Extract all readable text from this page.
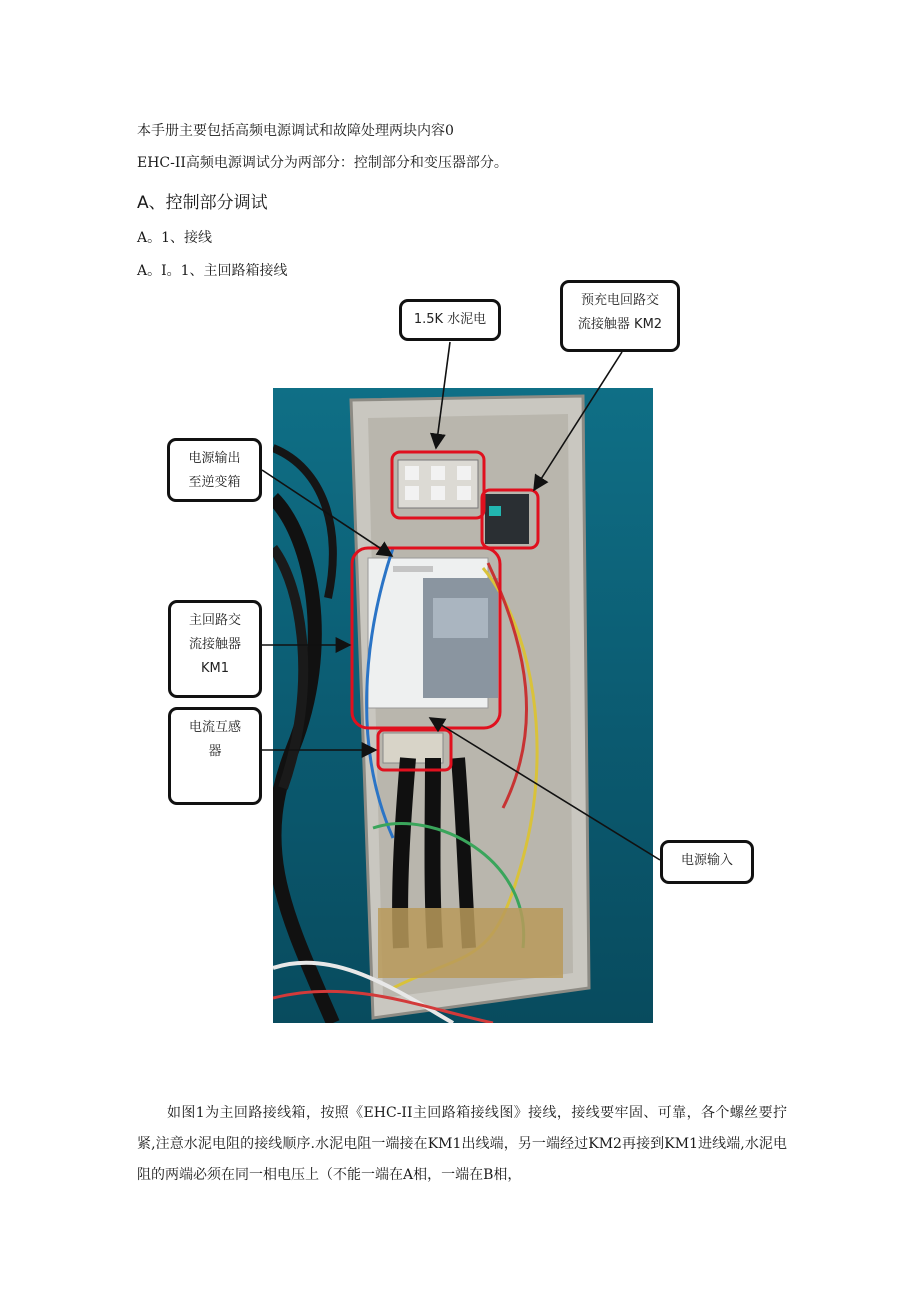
本手册主要包括高频电源调试和故障处理两块内容0
EHC-II高频电源调试分为两部分：控制部分和变压器部分。
A、控制部分调试
A。1、接线
A。I。1、主回路箱接线
1.5K 水泥电
预充电回路交
流接触器 KM2
电源输出
至逆变箱
主回路交
流接触器
KM1
电流互感
器
电源输入
如图1为主回路接线箱，按照《EHC-II主回路箱接线图》接线，接线要牢固、可靠，各个螺丝要拧紧,注意水泥电阻的接线顺序.水泥电阻一端接在KM1出线端，另一端经过KM2再接到KM1进线端,水泥电阻的两端必须在同一相电压上（不能一端在A相，一端在B相，
